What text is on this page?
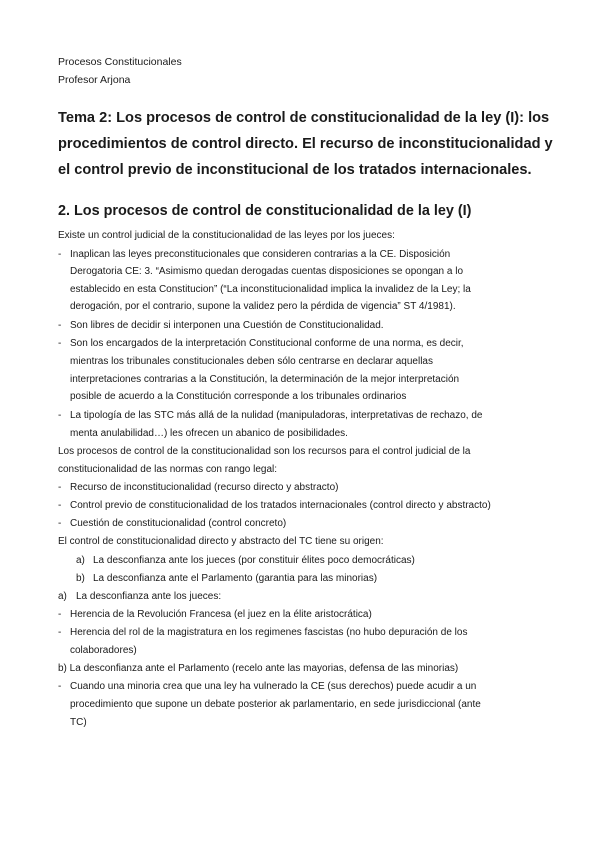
Procesos Constitucionales
Profesor Arjona
Tema 2: Los procesos de control de constitucionalidad de la ley (I): los
procedimientos de control directo. El recurso de inconstitucionalidad y
el control previo de inconstitucional de los tratados internacionales.
2. Los procesos de control de constitucionalidad de la ley (I)
Existe un control judicial de la constitucionalidad de las leyes por los jueces:
- Inaplican las leyes preconstitucionales que consideren contrarias a la CE. Disposición
Derogatoria CE: 3. “Asimismo quedan derogadas cuentas disposiciones se opongan a lo
establecido en esta Constitucion” (“La inconstitucionalidad implica la invalidez de la Ley; la
derogación, por el contrario, supone la validez pero la pérdida de vigencia” ST 4/1981).
- Son libres de decidir si interponen una Cuestión de Constitucionalidad.
- Son los encargados de la interpretación Constitucional conforme de una norma, es decir,
mientras los tribunales constitucionales deben sólo centrarse en declarar aquellas
interpretaciones contrarias a la Constitución, la determinación de la mejor interpretación
posible de acuerdo a la Constitución corresponde a los tribunales ordinarios
- La tipología de las STC más allá de la nulidad (manipuladoras, interpretativas de rechazo, de
menta anulabilidad…) les ofrecen un abanico de posibilidades.
Los procesos de control de la constitucionalidad son los recursos para el control judicial de la
constitucionalidad de las normas con rango legal:
- Recurso de inconstitucionalidad (recurso directo y abstracto)
- Control previo de constitucionalidad de los tratados internacionales (control directo y abstracto)
- Cuestión de constitucionalidad (control concreto)
El control de constitucionalidad directo y abstracto del TC tiene su origen:
a) La desconfianza ante los jueces (por constituir élites poco democráticas)
b) La desconfianza ante el Parlamento (garantia para las minorias)
a) La desconfianza ante los jueces:
- Herencia de la Revolución Francesa (el juez en la élite aristocrática)
- Herencia del rol de la magistratura en los regimenes fascistas (no hubo depuración de los
colaboradores)
b) La desconfianza ante el Parlamento (recelo ante las mayorias, defensa de las minorias)
- Cuando una minoria crea que una ley ha vulnerado la CE (sus derechos) puede acudir a un
procedimiento que supone un debate posterior ak parlamentario, en sede jurisdiccional (ante
TC)
